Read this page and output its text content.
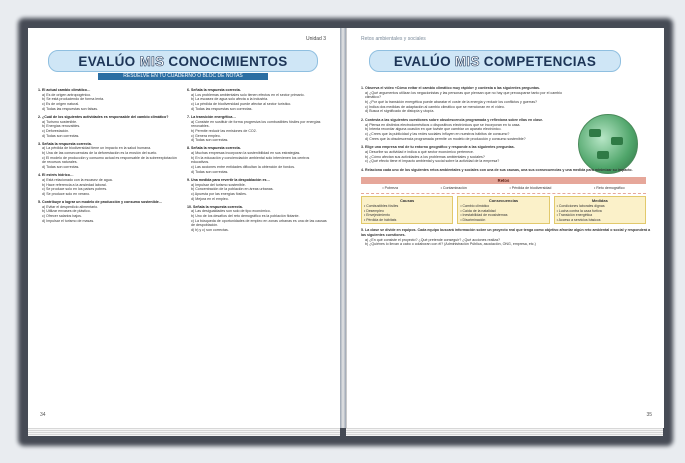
Unidad 3
EVALÚO MIS CONOCIMIENTOS
RESUELVE EN TU CUADERNO O BLOC DE NOTAS
1. El actual cambio climático…
a) Es de origen antropogénico.
b) Se está produciendo de forma lenta.
c) Es de origen natural.
d) Todas las respuestas son falsas.
2. ¿Cuál de los siguientes actividades es responsable del cambio climático?
a) Turismo sostenible.
b) Energías renovables.
c) Deforestación.
d) Todas son correctas.
3. Señala la respuesta correcta.
a) La pérdida de biodiversidad tiene un impacto en la salud humana.
b) Una de las consecuencias de la deforestación es la erosión del suelo.
c) El modelo de producción y consumo actual es responsable de la sobreexplotación de recursos naturales.
d) Todas son correctas.
4. El estrés hídrico…
a) Está relacionado con la escasez de agua.
b) Hace referencia a la ansiedad laboral.
c) Se produce solo en los países pobres.
d) Se produce solo en verano.
5. Contribuye a lograr un modelo de producción y consumo sostenible…
a) Evitar el desperdicio alimentario.
b) Utilizar envases de plástico.
c) Ofrecer salarios bajos.
d) Impulsar el turismo de masas.
6. Señala la respuesta correcta.
a) Los problemas ambientales solo tienen efectos en el sector primario.
b) La escasez de agua solo afecta a la industria.
c) La pérdida de biodiversidad puede afectar al sector turístico.
d) Todas las respuestas son correctas.
7. La transición energética…
a) Consiste en sustituir de forma progresiva los combustibles fósiles por energías renovables.
b) Permite reducir las emisiones de CO2.
c) Genera empleo.
d) Todas son correctas.
8. Señala la respuesta correcta.
a) Muchas empresas incorporan la sostenibilidad en sus estrategias.
b) En la educación y concienciación ambiental solo intervienen los centros educativos.
c) Las acciones entre entidades dificultan la obtención de fondos.
d) Todas son correctas.
9. Una medida para revertir la despoblación es…
a) Impulsar del turismo sostenible.
b) Concentración de la población en áreas urbanas.
c) Apuesta por las energías fósiles.
d) Mejora en el empleo.
10. Señala la respuesta correcta.
a) Las desigualdades son solo de tipo económico.
b) Uno de los desafíos del reto demográfico es la población flotante.
c) La búsqueda de oportunidades de empleo en zonas urbanas es una de las causas de despoblación.
d) b) y c) son correctas.
34
Retos ambientales y sociales
EVALÚO MIS COMPETENCIAS
1. Observa el vídeo «Cómo evitar el cambio climático muy rápido» y contesta a las siguientes preguntas.
a) ¿Qué argumentos utilizan los negacionistas y las personas que piensan que no hay que preocuparse tanto por el cambio climático?
b) ¿Por qué la transición energética puede abaratar el coste de la energía y reducir los conflictos y guerras?
c) Indica dos medidas de adaptación al cambio climático que se mencionan en el vídeo.
d) Busca el significado de distopía y utopía.
2. Contesta a las siguientes cuestiones sobre obsolescencia programada y reflexiona sobre ellas en clase.
a) Piensa en distintos electrodomésticos o dispositivos electrónicos que se incorporan en tu casa.
b) Intenta recordar alguna ocasión en que tuviste que cambiar un aparato electrónico.
c) ¿Crees que la publicidad y las redes sociales influyen en nuestros hábitos de consumo?
d) Crees que la obsolescencia programada permite un modelo de producción y consumo sostenible?
3. Elige una empresa real de tu entorno geográfico y responde a las siguientes preguntas.
a) Describe su actividad e indica a qué sector económico pertenece.
b) ¿Cómo afectan sus actividades a los problemas ambientales y sociales?
c) ¿Qué efecto tiene el impacto ambiental y social sobre la actividad de la empresa?
4. Relaciona cada uno de los siguientes retos ambientales y sociales con una de sus causas, una sus consecuencias y una medida para minimizar su impacto.
Retos
• Pobreza	• Contaminación	• Pérdida de biodiversidad	• Reto demográfico
Causas
• Combustibles fósiles
• Desempleo
• Envejecimiento
• Pérdida de hábitats
Consecuencias
• Cambio climático
• Caída de la natalidad
• Inestabilidad de ecosistemas
• Discriminación
Medidas
• Condiciones laborales dignas
• Lucha contra la caza furtiva
• Transición energética
• Acceso a servicios básicos
5. La clase se divide en equipos. Cada equipo buscará información sobre un proyecto real que tenga como objetivo afrontar algún reto ambiental o social y responderá a las siguientes cuestiones.
a) ¿En qué consiste el proyecto? ¿Qué pretende conseguir? ¿Qué acciones realiza?
b) ¿Quiénes lo llevan a cabo o colaboran con él? (Administración Pública, asociación, ONG, empresa, etc.)
35
